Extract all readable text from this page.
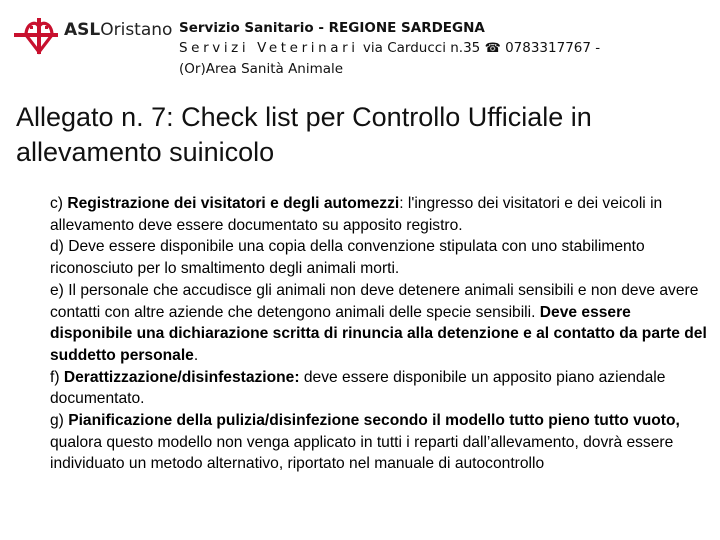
ASLOristano Servizio Sanitario - REGIONE SARDEGNA
Servizi Veterinari via Carducci n.35 ☎ 0783317767 -
(Or)Area Sanità Animale
Allegato n. 7: Check list per Controllo Ufficiale in allevamento suinicolo

c) Registrazione dei visitatori e degli automezzi: l'ingresso dei visitatori e dei veicoli in allevamento deve essere documentato su apposito registro.

d) Deve essere disponibile una copia della convenzione stipulata con uno stabilimento riconosciuto per lo smaltimento degli animali morti.

e) Il personale che accudisce gli animali non deve detenere animali sensibili e non deve avere contatti con altre aziende che detengono animali delle specie sensibili. Deve essere disponibile una dichiarazione scritta di rinuncia alla detenzione e al contatto da parte del suddetto personale.

f) Derattizzazione/disinfestazione: deve essere disponibile un apposito piano aziendale documentato.

g) Pianificazione della pulizia/disinfezione secondo il modello tutto pieno tutto vuoto, qualora questo modello non venga applicato in tutti i reparti dall’allevamento, dovrà essere individuato un metodo alternativo, riportato nel manuale di autocontrollo
